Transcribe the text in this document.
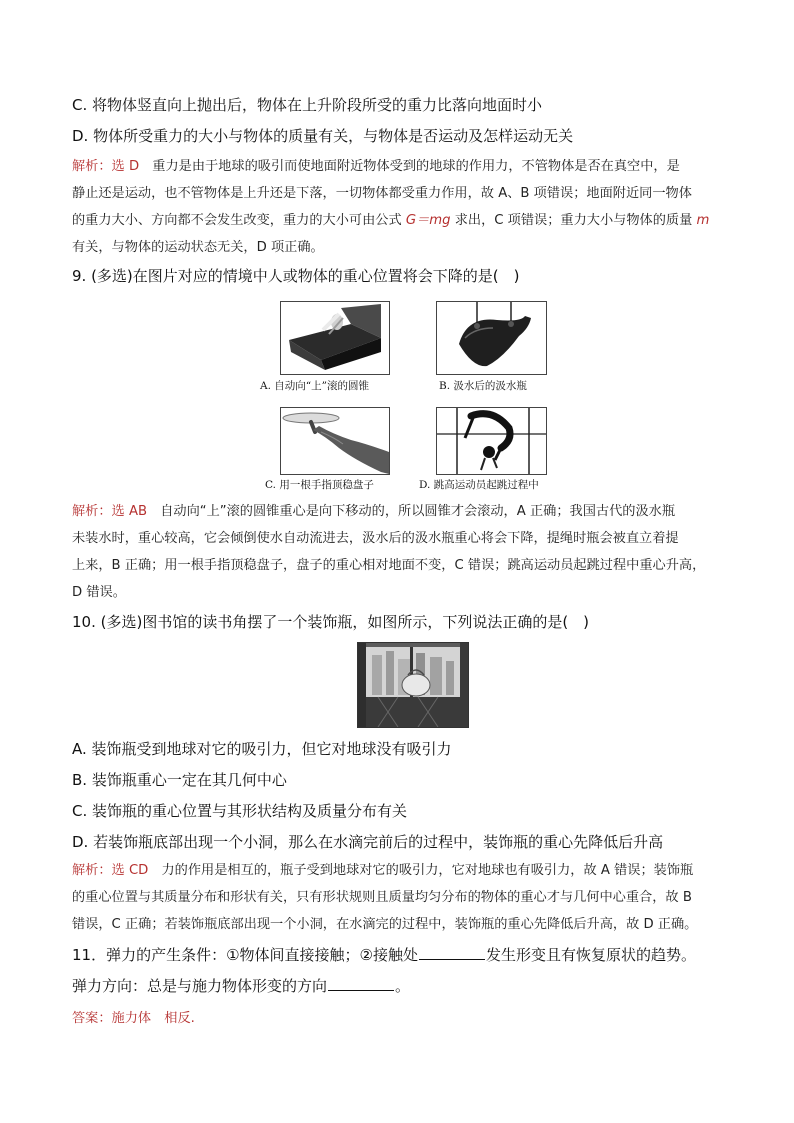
C. 将物体竖直向上抛出后，物体在上升阶段所受的重力比落向地面时小
D. 物体所受重力的大小与物体的质量有关，与物体是否运动及怎样运动无关
解析：选 D　 重力是由于地球的吸引而使地面附近物体受到的地球的作用力，不管物体是否在真空中，是
静止还是运动，也不管物体是上升还是下落，一切物体都受重力作用，故 A、B 项错误；地面附近同一物体
的重力大小、方向都不会发生改变，重力的大小可由公式 G＝mg 求出，C 项错误；重力大小与物体的质量 m
有关，与物体的运动状态无关，D 项正确。
9. (多选)在图片对应的情境中人或物体的重心位置将会下降的是(　)
A. 自动向“上”滚的圆锥	B. 汲水后的汲水瓶
C. 用一根手指顶稳盘子	D. 跳高运动员起跳过程中
解析：选 AB　 自动向“上”滚的圆锥重心是向下移动的，所以圆锥才会滚动，A 正确；我国古代的汲水瓶
未装水时，重心较高，它会倾倒使水自动流进去，汲水后的汲水瓶重心将会下降，提绳时瓶会被直立着提
上来，B 正确；用一根手指顶稳盘子，盘子的重心相对地面不变，C 错误；跳高运动员起跳过程中重心升高，
D 错误。
10. (多选)图书馆的读书角摆了一个装饰瓶，如图所示，下列说法正确的是(　)
A. 装饰瓶受到地球对它的吸引力，但它对地球没有吸引力
B. 装饰瓶重心一定在其几何中心
C. 装饰瓶的重心位置与其形状结构及质量分布有关
D. 若装饰瓶底部出现一个小洞，那么在水滴完前后的过程中，装饰瓶的重心先降低后升高
解析：选 CD　 力的作用是相互的，瓶子受到地球对它的吸引力，它对地球也有吸引力，故 A 错误；装饰瓶
的重心位置与其质量分布和形状有关，只有形状规则且质量均匀分布的物体的重心才与几何中心重合，故 B
错误，C 正确；若装饰瓶底部出现一个小洞，在水滴完的过程中，装饰瓶的重心先降低后升高，故 D 正确。
11．弹力的产生条件：①物体间直接接触；②接触处	发生形变且有恢复原状的趋势。
弹力方向：总是与施力物体形变的方向	。
答案：施力体　相反.
